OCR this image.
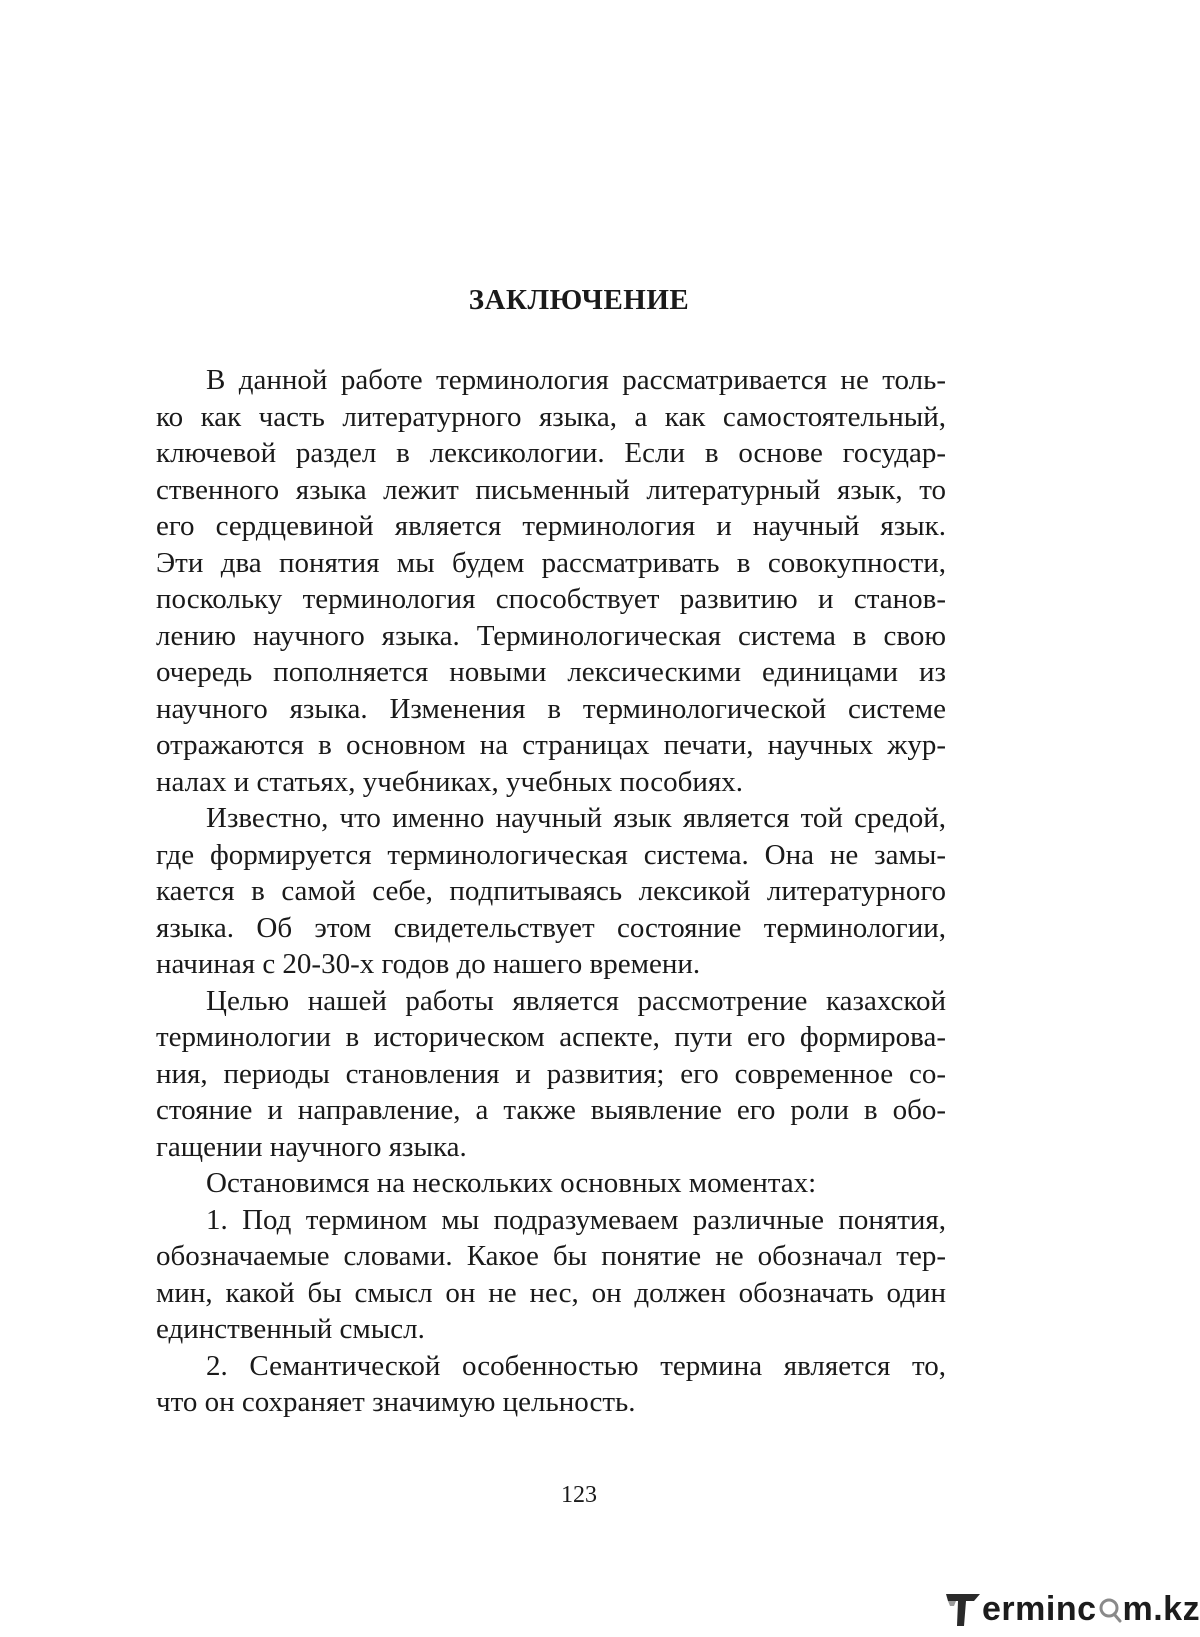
ЗАКЛЮЧЕНИЕ
В данной работе терминология рассматривается не толь-
ко как часть литературного языка, а как самостоятельный,
ключевой раздел в лексикологии. Если в основе государ-
ственного языка лежит письменный литературный язык, то
его сердцевиной является терминология и научный язык.
Эти два понятия мы будем рассматривать в совокупности,
поскольку терминология способствует развитию и станов-
лению научного языка. Терминологическая система в свою
очередь пополняется новыми лексическими единицами из
научного языка. Изменения в терминологической системе
отражаются в основном на страницах печати, научных жур-
налах и статьях, учебниках, учебных пособиях.
Известно, что именно научный язык является той средой,
где формируется терминологическая система. Она не замы-
кается в самой себе, подпитываясь лексикой литературного
языка. Об этом свидетельствует состояние терминологии,
начиная с 20-30-х годов до нашего времени.
Целью нашей работы является рассмотрение казахской
терминологии в историческом аспекте, пути его формирова-
ния, периоды становления и развития; его современное со-
стояние и направление, а также выявление его роли в обо-
гащении научного языка.
Остановимся на нескольких основных моментах:
1. Под термином мы подразумеваем различные понятия,
обозначаемые словами. Какое бы понятие не обозначал тер-
мин, какой бы смысл он не нес, он должен обозначать один
единственный смысл.
2. Семантической особенностью термина является то,
что он сохраняет значимую цельность.
123
erminc m.kz
